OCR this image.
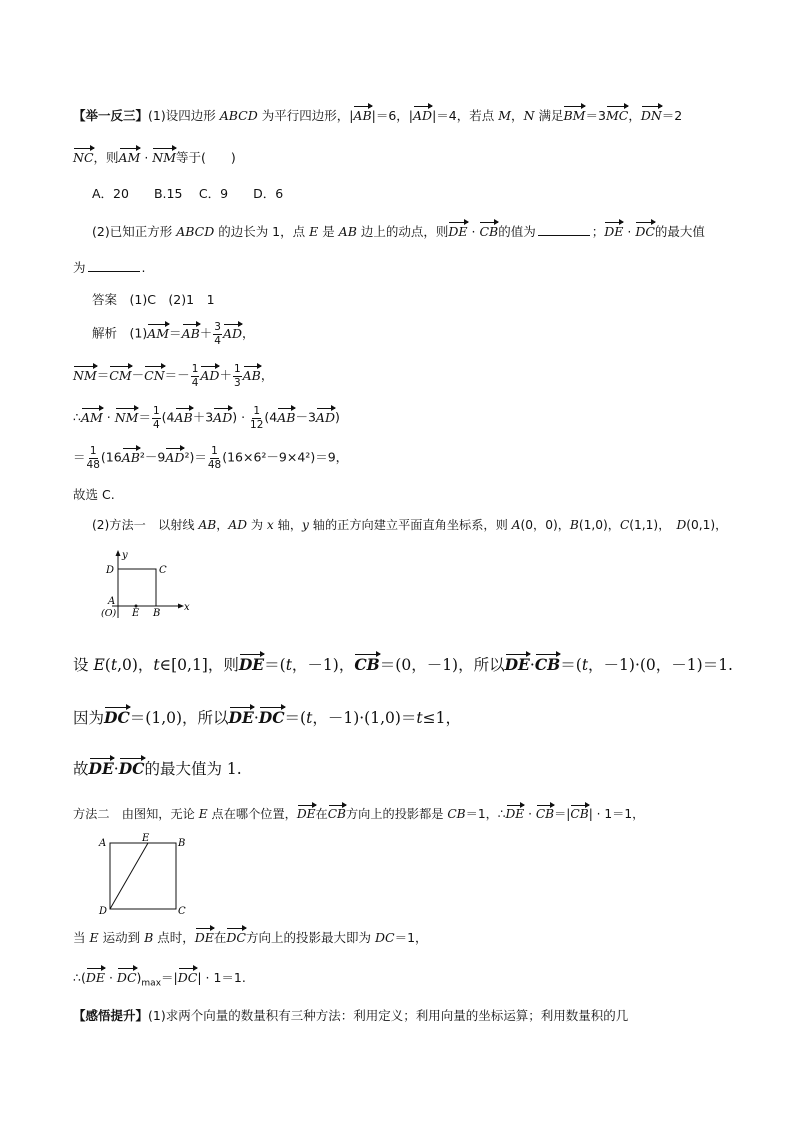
【举一反三】(1)设四边形 ABCD 为平行四边形，|AB|＝6，|AD|＝4，若点 M，N 满足BM＝3MC，DN＝2
NC，则AM · NM等于(　　)
A．20　　B.15　 C．9　　D．6
(2)已知正方形 ABCD 的边长为 1，点 E 是 AB 边上的动点，则DE · CB的值为	；DE · DC的最大值
为	.
答案　(1)C　(2)1　1
解析　$(1)AM=AB+ \frac{3}{4}$ AD，
$NM=CM-CN=- \frac{1}{4} AD+ \frac{1}{3}$ AB，
∴AM · $NM= \frac{1}{4} (4AB+3AD) \cdot \frac{1}{12} (4AB-3AD)$
＝ $\frac{1}{48} (16AB^2-9AD^2)= \frac{1}{48} (16\times 6^2-9\times 4^2)=9$，
故选 C.
(2)方法一　以射线 AB，AD 为 x 轴，y 轴的正方向建立平面直角坐标系，则 A(0，0)，B(1,0)，C(1,1)，　D(0,1)，
y
x
D	C
A
(O) E B
设 E(t,0)，t∈[0,1]，则DE＝(t，－1)，CB＝(0，－1)，所以DE·CB＝(t，－1)·(0，－1)＝1.
因为DC＝(1,0)，所以DE·DC＝(t，－1)·(1,0)＝t≤1，
故DE·DC的最大值为 1.
方法二　由图知，无论 E 点在哪个位置，DE在CB方向上的投影都是 CB＝1，∴DE · CB＝|CB| · 1＝1，
A	E	B
D	C
当 E 运动到 B 点时，DE在DC方向上的投影最大即为 DC＝1，
∴(DE · $DC)_{max}=|DC| \cdot 1=1$.
【感悟提升】(1)求两个向量的数量积有三种方法：利用定义；利用向量的坐标运算；利用数量积的几
